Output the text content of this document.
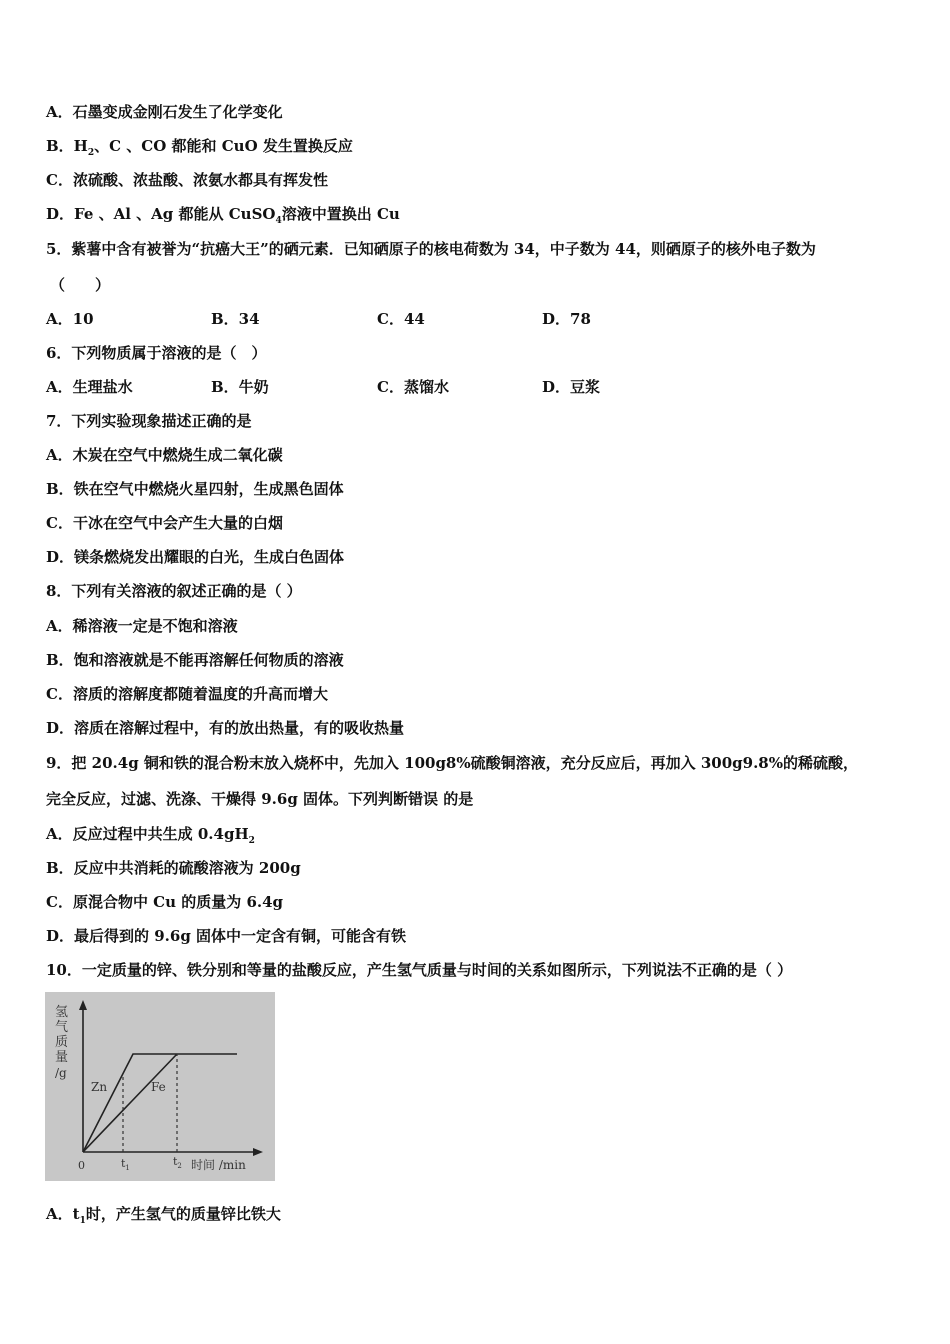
A．石墨变成金刚石发生了化学变化
B．$H_2$、C 、CO 都能和 CuO 发生置换反应
C．浓硫酸、浓盐酸、浓氨水都具有挥发性
D．Fe 、Al 、Ag 都能从 CuSO$_4$溶液中置换出 Cu
5．紫薯中含有被誉为“抗癌大王”的硒元素．已知硒原子的核电荷数为 34，中子数为 44，则硒原子的核外电子数为
（　　）
A．10	B．34	C．44	D．78
6．下列物质属于溶液的是（　）
A．生理盐水	B．牛奶	C．蒸馏水	D．豆浆
7．下列实验现象描述正确的是
A．木炭在空气中燃烧生成二氧化碳
B．铁在空气中燃烧火星四射，生成黑色固体
C．干冰在空气中会产生大量的白烟
D．镁条燃烧发出耀眼的白光，生成白色固体
8．下列有关溶液的叙述正确的是（ ）
A．稀溶液一定是不饱和溶液
B．饱和溶液就是不能再溶解任何物质的溶液
C．溶质的溶解度都随着温度的升高而增大
D．溶质在溶解过程中，有的放出热量，有的吸收热量
9．把 20.4g 铜和铁的混合粉末放入烧杯中，先加入 100g8%硫酸铜溶液，充分反应后，再加入 300g9.8%的稀硫酸，
完全反应，过滤、洗涤、干燥得 9.6g 固体。下列判断错误 的是
A．反应过程中共生成 $0.4gH_2$
B．反应中共消耗的硫酸溶液为 200g
C．原混合物中 Cu 的质量为 6.4g
D．最后得到的 9.6g 固体中一定含有铜，可能含有铁
10．一定质量的锌、铁分别和等量的盐酸反应，产生氢气质量与时间的关系如图所示，下列说法不正确的是（ ）
氢
气
质
量
/g
Zn	Fe
0	$t_1$	$t_2$ 时间 /min
A．$t_1$时，产生氢气的质量锌比铁大
